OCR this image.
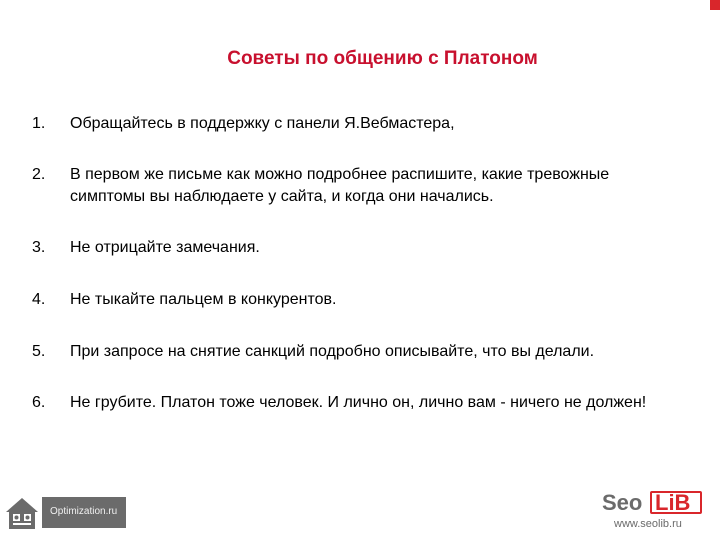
Советы по общению с Платоном
1. Обращайтесь в поддержку с панели Я.Вебмастера,
2. В первом же письме как можно подробнее распишите, какие тревожные симптомы вы наблюдаете у сайта, и когда они начались.
3. Не отрицайте замечания.
4. Не тыкайте пальцем в конкурентов.
5. При запросе на снятие санкций подробно описывайте, что вы делали.
6. Не грубите. Платон тоже человек. И лично он, лично вам - ничего не должен!
Optimization.ru	Seo LiB
www.seolib.ru
